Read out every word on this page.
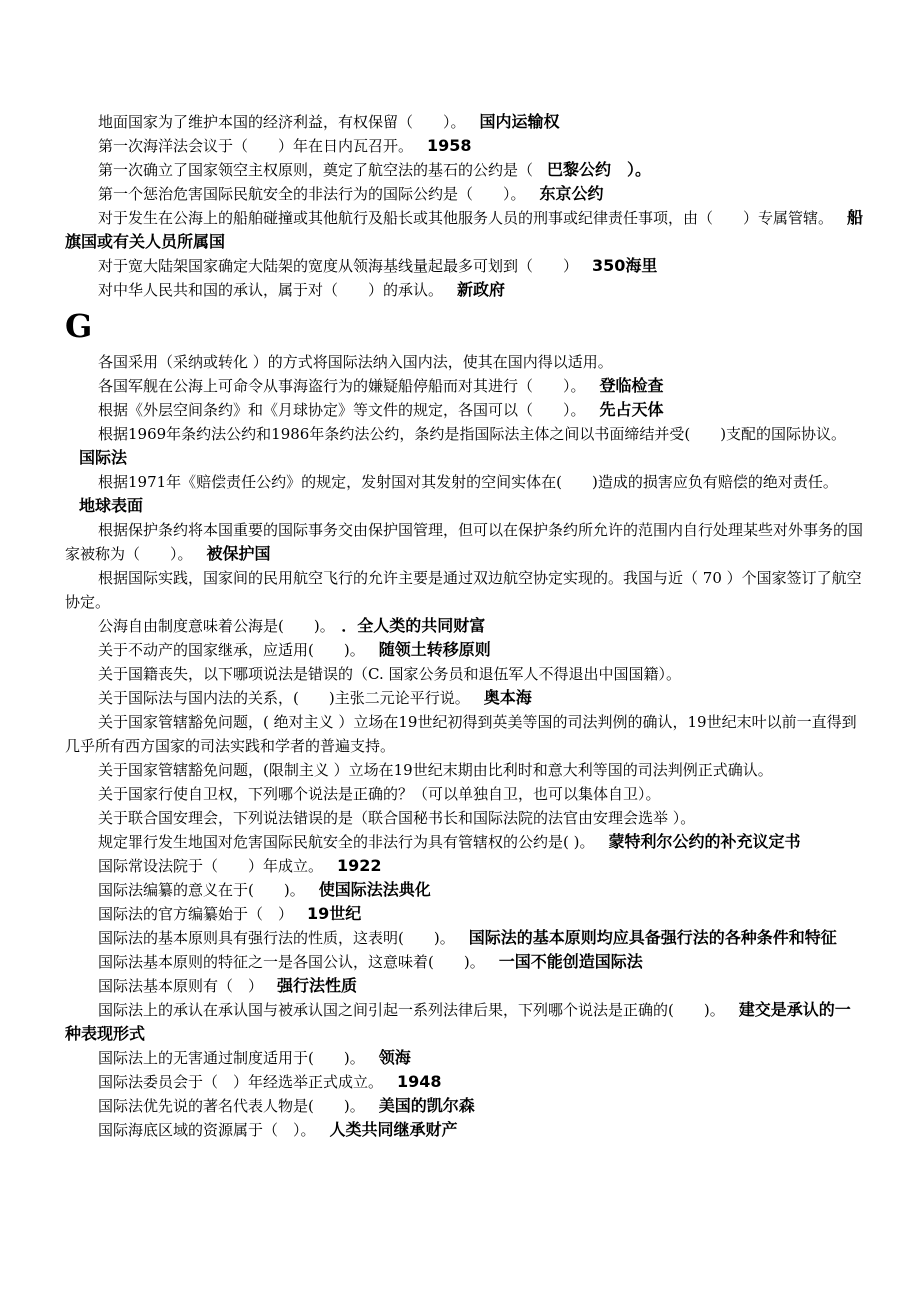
地面国家为了维护本国的经济利益，有权保留（　　）。 国内运输权

第一次海洋法会议于（　　）年在日内瓦召开。 1958

第一次确立了国家领空主权原则，奠定了航空法的基石的公约是（ 巴黎公约　）。

第一个惩治危害国际民航安全的非法行为的国际公约是（　　）。 东京公约

对于发生在公海上的船舶碰撞或其他航行及船长或其他服务人员的刑事或纪律责任事项，由（　　）专属管辖。 船旗国或有关人员所属国

对于宽大陆架国家确定大陆架的宽度从领海基线量起最多可划到（　　） 350海里

对中华人民共和国的承认，属于对（　　）的承认。 新政府

G

各国采用（采纳或转化 ）的方式将国际法纳入国内法，使其在国内得以适用。

各国军舰在公海上可命令从事海盗行为的嫌疑船停船而对其进行（　　）。 登临检查

根据《外层空间条约》和《月球协定》等文件的规定，各国可以（　　）。 先占天体

根据1969年条约法公约和1986年条约法公约，条约是指国际法主体之间以书面缔结并受(　　)支配的国际协议。国际法

根据1971年《赔偿责任公约》的规定，发射国对其发射的空间实体在(　　)造成的损害应负有赔偿的绝对责任。地球表面

根据保护条约将本国重要的国际事务交由保护国管理，但可以在保护条约所允许的范围内自行处理某些对外事务的国家被称为（　　）。 被保护国

根据国际实践，国家间的民用航空飞行的允许主要是通过双边航空协定实现的。我国与近（ 70 ）个国家签订了航空协定。

公海自由制度意味着公海是(　　)。 ．全人类的共同财富

关于不动产的国家继承，应适用(　　)。 随领土转移原则

关于国籍丧失，以下哪项说法是错误的（C. 国家公务员和退伍军人不得退出中国国籍）。

关于国际法与国内法的关系，(　　)主张二元论平行说。 奥本海

关于国家管辖豁免问题，( 绝对主义 ）立场在19世纪初得到英美等国的司法判例的确认，19世纪末叶以前一直得到几乎所有西方国家的司法实践和学者的普遍支持。

关于国家管辖豁免问题，(限制主义 ）立场在19世纪末期由比利时和意大利等国的司法判例正式确认。

关于国家行使自卫权，下列哪个说法是正确的？（可以单独自卫，也可以集体自卫）。

关于联合国安理会，下列说法错误的是（联合国秘书长和国际法院的法官由安理会选举 ）。

规定罪行发生地国对危害国际民航安全的非法行为具有管辖权的公约是( )。 蒙特利尔公约的补充议定书

国际常设法院于（　　）年成立。 1922

国际法编纂的意义在于(　　)。 使国际法法典化

国际法的官方编纂始于（　） 19世纪

国际法的基本原则具有强行法的性质，这表明(　　)。 国际法的基本原则均应具备强行法的各种条件和特征

国际法基本原则的特征之一是各国公认，这意味着(　　)。 一国不能创造国际法

国际法基本原则有（　） 强行法性质

国际法上的承认在承认国与被承认国之间引起一系列法律后果，下列哪个说法是正确的(　　)。 建交是承认的一种表现形式

国际法上的无害通过制度适用于(　　)。 领海

国际法委员会于（　）年经选举正式成立。 1948

国际法优先说的著名代表人物是(　　)。 美国的凯尔森

国际海底区域的资源属于（　）。 人类共同继承财产
